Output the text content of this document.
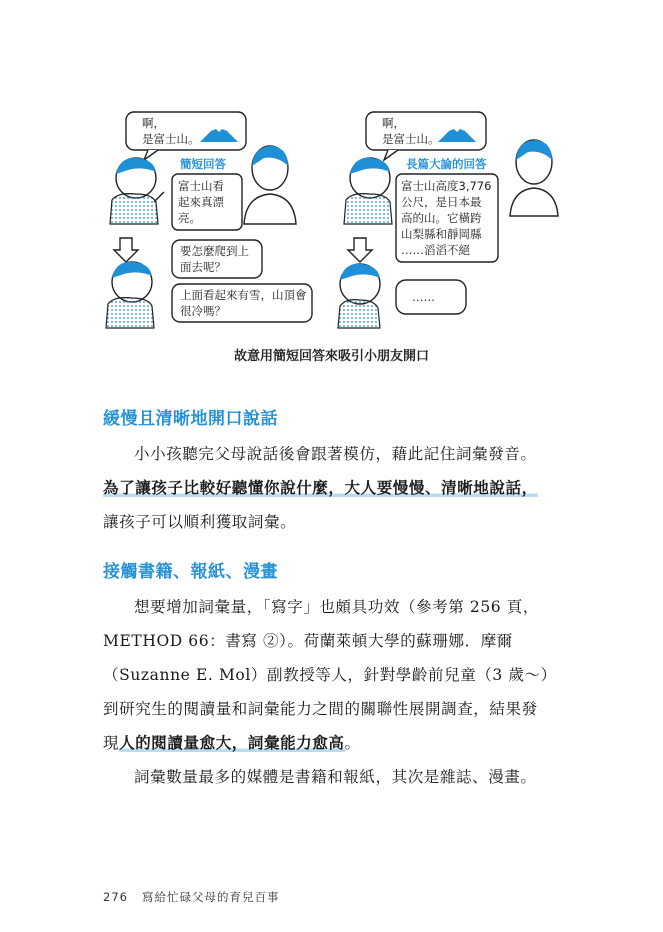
啊，
是富士山。
簡短回答
富士山看
起來真漂
亮。
要怎麼爬到上
面去呢？
上面看起來有雪，山頂會
很冷嗎？
啊，
是富士山。
長篇大論的回答
富士山高度3,776
公尺，是日本最
高的山。它橫跨
山梨縣和靜岡縣
……滔滔不絕
……
故意用簡短回答來吸引小朋友開口
緩慢且清晰地開口說話
小小孩聽完父母說話後會跟著模仿，藉此記住詞彙發音。
為了讓孩子比較好聽懂你說什麼，大人要慢慢、清晰地說話，
讓孩子可以順利獲取詞彙。
接觸書籍、報紙、漫畫
想要增加詞彙量，「寫字」也頗具功效（參考第 256 頁，
METHOD 66：書寫 ②）。荷蘭萊頓大學的蘇珊娜．摩爾
（Suzanne E. Mol）副教授等人，針對學齡前兒童（3 歲～）
到研究生的閱讀量和詞彙能力之間的關聯性展開調查，結果發
現人的閱讀量愈大，詞彙能力愈高。
詞彙數量最多的媒體是書籍和報紙，其次是雜誌、漫畫。
276 寫給忙碌父母的育兒百事
